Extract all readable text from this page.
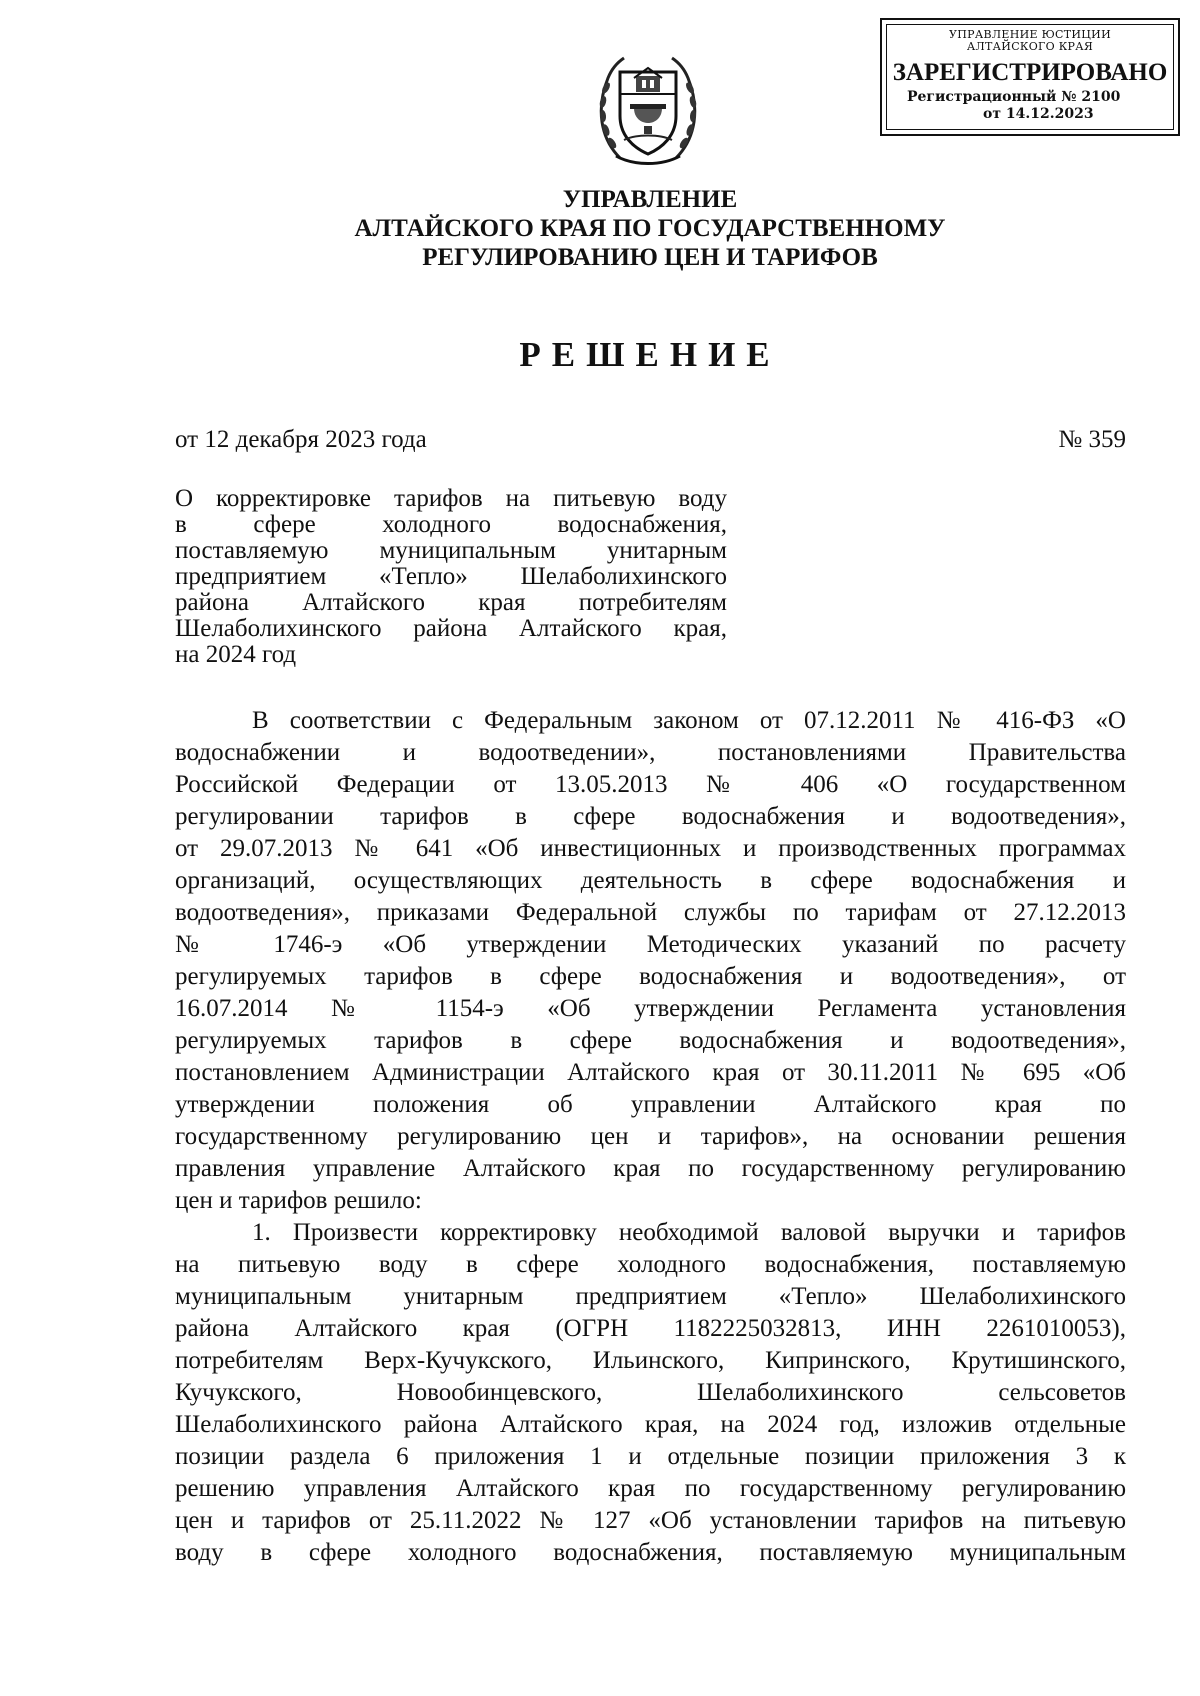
УПРАВЛЕНИЕ ЮСТИЦИИ
АЛТАЙСКОГО КРАЯ
ЗАРЕГИСТРИРОВАНО
Регистрационный № 2100
от 14.12.2023
УПРАВЛЕНИЕ
АЛТАЙСКОГО КРАЯ ПО ГОСУДАРСТВЕННОМУ
РЕГУЛИРОВАНИЮ ЦЕН И ТАРИФОВ
РЕШЕНИЕ
от 12 декабря 2023 года	№ 359
О корректировке тарифов на питьевую воду
в сфере холодного водоснабжения,
поставляемую муниципальным унитарным
предприятием «Тепло» Шелаболихинского
района Алтайского края потребителям
Шелаболихинского района Алтайского края,
на 2024 год
В соответствии с Федеральным законом от 07.12.2011 № 416-ФЗ «О
водоснабжении и водоотведении», постановлениями Правительства
Российской Федерации от 13.05.2013 № 406 «О государственном
регулировании тарифов в сфере водоснабжения и водоотведения»,
от 29.07.2013 № 641 «Об инвестиционных и производственных программах
организаций, осуществляющих деятельность в сфере водоснабжения и
водоотведения», приказами Федеральной службы по тарифам от 27.12.2013
№ 1746-э «Об утверждении Методических указаний по расчету
регулируемых тарифов в сфере водоснабжения и водоотведения», от
16.07.2014 № 1154-э «Об утверждении Регламента установления
регулируемых тарифов в сфере водоснабжения и водоотведения»,
постановлением Администрации Алтайского края от 30.11.2011 № 695 «Об
утверждении положения об управлении Алтайского края по
государственному регулированию цен и тарифов», на основании решения
правления управление Алтайского края по государственному регулированию
цен и тарифов решило:
1. Произвести корректировку необходимой валовой выручки и тарифов
на питьевую воду в сфере холодного водоснабжения, поставляемую
муниципальным унитарным предприятием «Тепло» Шелаболихинского
района Алтайского края (ОГРН 1182225032813, ИНН 2261010053),
потребителям Верх-Кучукского, Ильинского, Кипринского, Крутишинского,
Кучукского, Новообинцевского, Шелаболихинского сельсоветов
Шелаболихинского района Алтайского края, на 2024 год, изложив отдельные
позиции раздела 6 приложения 1 и отдельные позиции приложения 3 к
решению управления Алтайского края по государственному регулированию
цен и тарифов от 25.11.2022 № 127 «Об установлении тарифов на питьевую
воду в сфере холодного водоснабжения, поставляемую муниципальным
